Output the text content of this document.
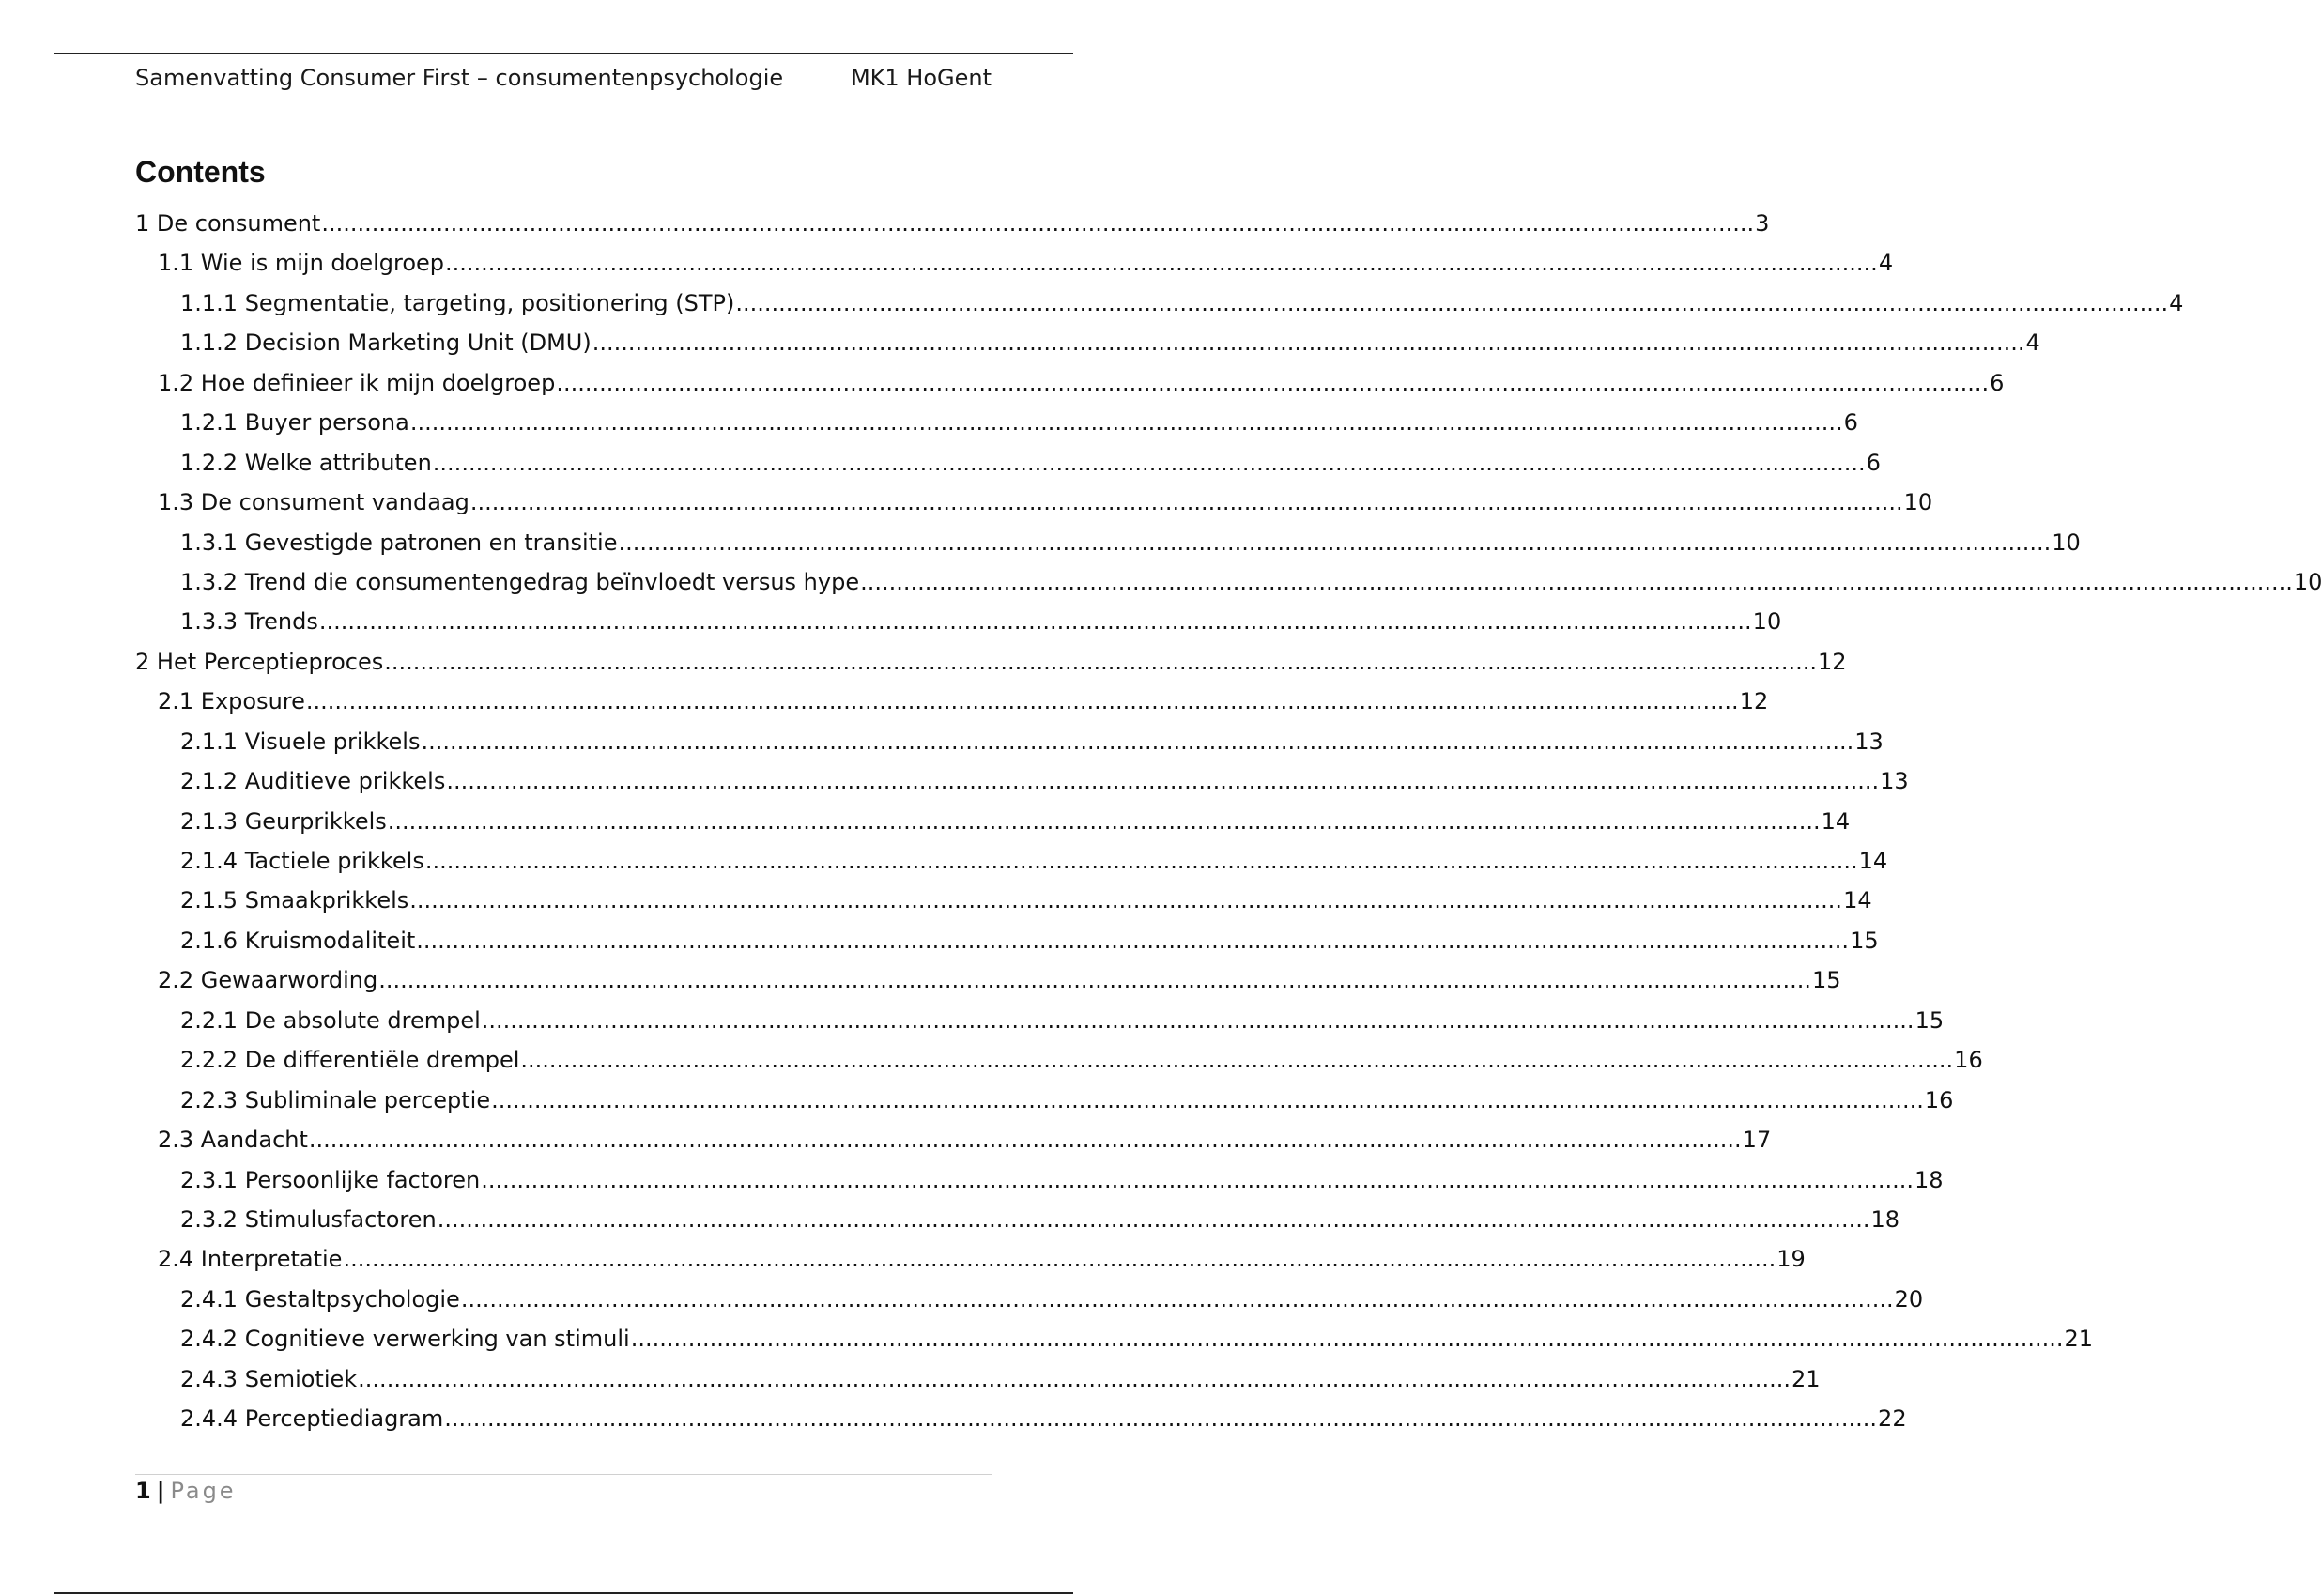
Samenvatting Consumer First – consumentenpsychologie	MK1 HoGent
Contents
1 De consument ........................................................................................................................................................................................................ 3
1.1 Wie is mijn doelgroep ........................................................................................................................................................................................................ 4
1.1.1 Segmentatie, targeting, positionering (STP) ........................................................................................................................................................................................................ 4
1.1.2 Decision Marketing Unit (DMU) ........................................................................................................................................................................................................ 4
1.2 Hoe definieer ik mijn doelgroep ........................................................................................................................................................................................................ 6
1.2.1 Buyer persona ........................................................................................................................................................................................................ 6
1.2.2 Welke attributen ........................................................................................................................................................................................................ 6
1.3 De consument vandaag ........................................................................................................................................................................................................ 10
1.3.1 Gevestigde patronen en transitie ........................................................................................................................................................................................................ 10
1.3.2 Trend die consumentengedrag beïnvloedt versus hype ........................................................................................................................................................................................................ 10
1.3.3 Trends ........................................................................................................................................................................................................ 10
2 Het Perceptieproces ........................................................................................................................................................................................................ 12
2.1 Exposure ........................................................................................................................................................................................................ 12
2.1.1 Visuele prikkels ........................................................................................................................................................................................................ 13
2.1.2 Auditieve prikkels ........................................................................................................................................................................................................ 13
2.1.3 Geurprikkels ........................................................................................................................................................................................................ 14
2.1.4 Tactiele prikkels ........................................................................................................................................................................................................ 14
2.1.5 Smaakprikkels ........................................................................................................................................................................................................ 14
2.1.6 Kruismodaliteit ........................................................................................................................................................................................................ 15
2.2 Gewaarwording ........................................................................................................................................................................................................ 15
2.2.1 De absolute drempel ........................................................................................................................................................................................................ 15
2.2.2 De differentiële drempel ........................................................................................................................................................................................................ 16
2.2.3 Subliminale perceptie ........................................................................................................................................................................................................ 16
2.3 Aandacht ........................................................................................................................................................................................................ 17
2.3.1 Persoonlijke factoren ........................................................................................................................................................................................................ 18
2.3.2 Stimulusfactoren ........................................................................................................................................................................................................ 18
2.4 Interpretatie ........................................................................................................................................................................................................ 19
2.4.1 Gestaltpsychologie ........................................................................................................................................................................................................ 20
2.4.2 Cognitieve verwerking van stimuli ........................................................................................................................................................................................................ 21
2.4.3 Semiotiek ........................................................................................................................................................................................................ 21
2.4.4 Perceptiediagram ........................................................................................................................................................................................................ 22
1 | Page
